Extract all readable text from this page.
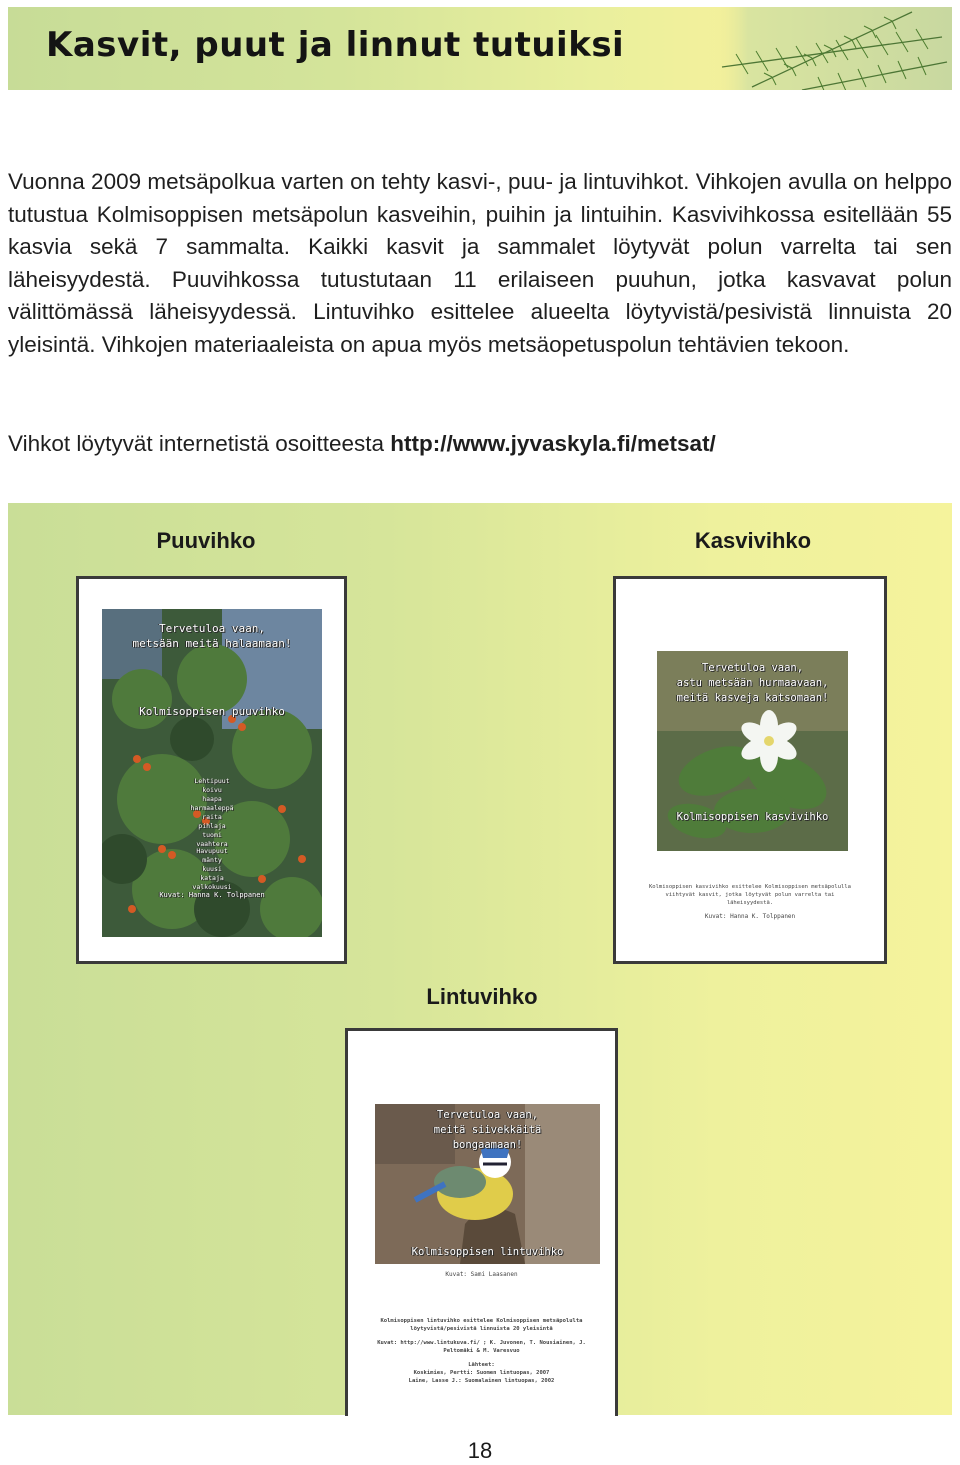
Kasvit, puut ja linnut tutuiksi
Vuonna 2009 metsäpolkua varten on tehty kasvi-, puu- ja lintuvihkot. Vihkojen avulla on helppo tutustua Kolmisoppisen metsäpolun kasveihin, puihin ja lintuihin. Kasvivihkossa esitellään 55 kasvia sekä 7 sammalta. Kaikki kasvit ja sammalet löytyvät polun varrelta tai sen läheisyydestä. Puuvihkossa tutustutaan 11 erilaiseen puuhun, jotka kasvavat polun välittömässä läheisyydessä. Lintuvihko esittelee alueelta löytyvistä/pesivistä linnuista 20 yleisintä. Vihkojen materiaaleista on apua myös metsäopetuspolun tehtävien tekoon.
Vihkot löytyvät internetistä osoitteesta http://www.jyvaskyla.fi/metsat/
Puuvihko
Tervetuloa vaan,
metsään meitä halaamaan!
Kolmisoppisen puuvihko
Lehtipuut
koivu
haapa
harmaaleppä
raita
pihlaja
tuomi
vaahtera
Havupuut
mänty
kuusi
kataja
valkokuusi
Kuvat: Hanna K. Tolppanen
Kasvivihko
Tervetuloa vaan,
astu metsään hurmaavaan,
meitä kasveja katsomaan!
Kolmisoppisen kasvivihko
Kolmisoppisen kasvivihko esittelee Kolmisoppisen metsäpolulla
viihtyvät kasvit, jotka löytyvät polun varrelta tai
läheisyydestä.
Kuvat: Hanna K. Tolppanen
Lintuvihko
Tervetuloa vaan,
meitä siivekkäitä
bongaamaan!
Kolmisoppisen lintuvihko
Kuvat: Sami Laasanen
Kolmisoppisen lintuvihko esittelee Kolmisoppisen metsäpolulta
löytyvistä/pesivistä linnuista 20 yleisintä
Kuvat: http://www.lintukuva.fi/ ; K. Juvonen, T. Nousiainen, J.
Peltomäki & M. Varesvuo
Lähteet:
Koskimies, Pertti: Suomen lintuopas, 2007
Laine, Lasse J.: Suomalainen lintuopas, 2002
18
